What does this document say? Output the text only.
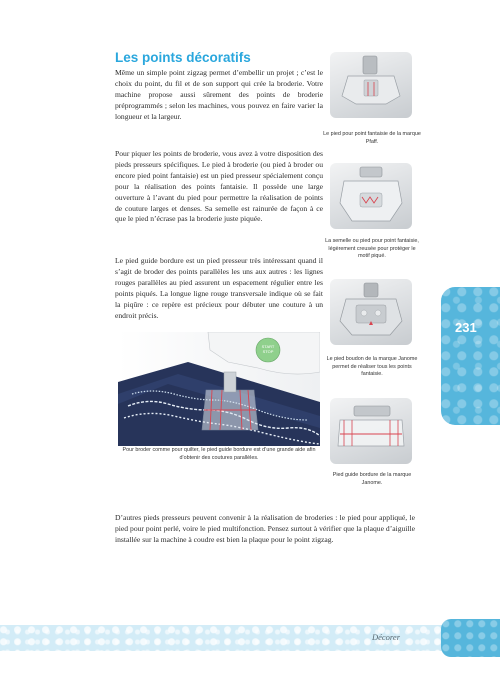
Les points décoratifs

Même un simple point zigzag permet d’embellir un projet ; c’est le choix du point, du fil et de son support qui crée la broderie. Votre machine propose aussi sûrement des points de broderie préprogrammés ; selon les machines, vous pouvez en faire varier la longueur et la largeur.

Pour piquer les points de broderie, vous avez à votre disposition des pieds presseurs spécifiques. Le pied à broderie (ou pied à broder ou encore pied point fantaisie) est un pied presseur spécialement conçu pour la réalisation des points fantaisie. Il possède une large ouverture à l’avant du pied pour permettre la réalisation de points de couture larges et denses. Sa semelle est rainurée de façon à ce que le pied n’écrase pas la broderie juste piquée.

Le pied guide bordure est un pied presseur très intéressant quand il s’agit de broder des points parallèles les uns aux autres : les lignes rouges parallèles au pied assurent un espacement régulier entre les points piqués. La longue ligne rouge transversale indique où se fait la piqûre : ce repère est précieux pour débuter une couture à un endroit précis.

D’autres pieds presseurs peuvent convenir à la réalisation de broderies : le pied pour appliqué, le pied pour point perlé, voire le pied multifonction. Pensez surtout à vérifier que la plaque d’aiguille installée sur la machine à coudre est bien la plaque pour le point zigzag.

Le pied pour point fantaisie de la marque Pfaff.
La semelle ou pied pour point fantaisie, légèrement creusée pour protéger le motif piqué.
Le pied boudon de la marque Janome permet de réaliser tous les points fantaisie.
Pied guide bordure de la marque Janome.
START
STOP
Pour broder comme pour quilter, le pied guide bordure est d’une grande aide afin d’obtenir des coutures parallèles.
231
Décorer
